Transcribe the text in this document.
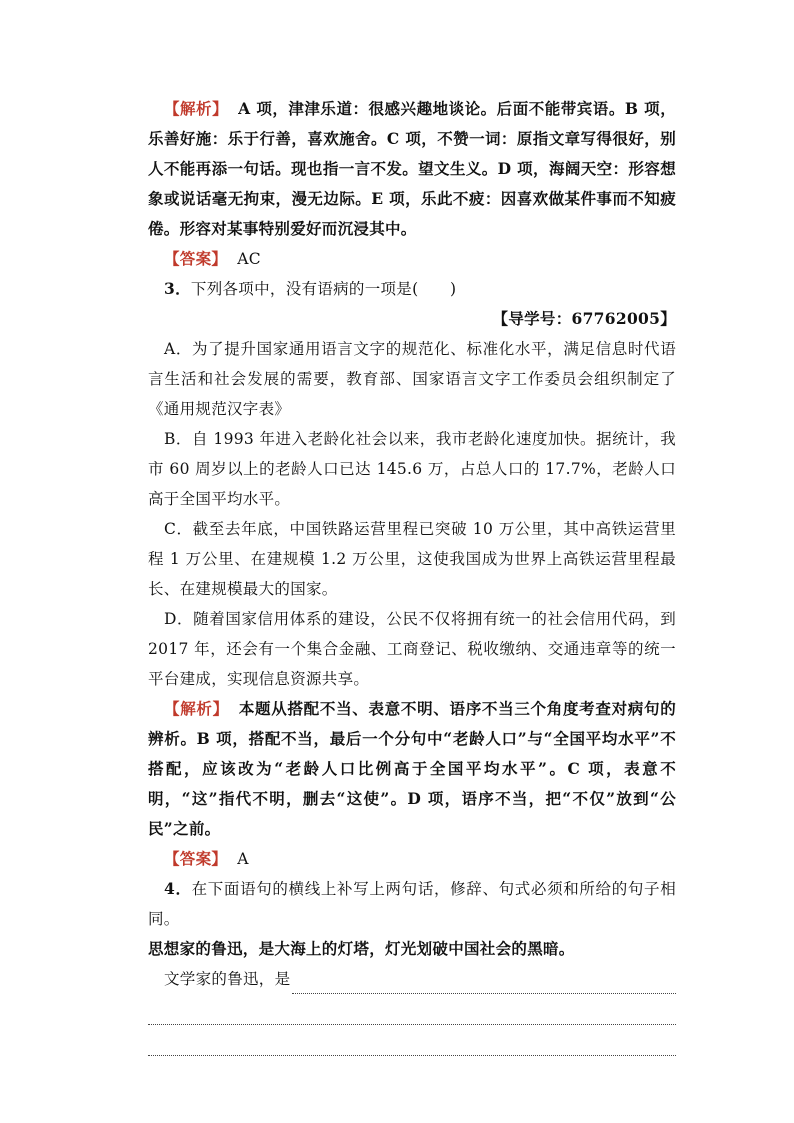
【解析】 A 项，津津乐道：很感兴趣地谈论。后面不能带宾语。B 项，乐善好施：乐于行善，喜欢施舍。C 项，不赞一词：原指文章写得很好，别人不能再添一句话。现也指一言不发。望文生义。D 项，海阔天空：形容想象或说话毫无拘束，漫无边际。E 项，乐此不疲：因喜欢做某件事而不知疲倦。形容对某事特别爱好而沉浸其中。

【答案】 AC

3．下列各项中，没有语病的一项是(　　)

【导学号：67762005】

A．为了提升国家通用语言文字的规范化、标准化水平，满足信息时代语言生活和社会发展的需要，教育部、国家语言文字工作委员会组织制定了《通用规范汉字表》

B．自 1993 年进入老龄化社会以来，我市老龄化速度加快。据统计，我市 60 周岁以上的老龄人口已达 145.6 万，占总人口的 17.7%，老龄人口高于全国平均水平。

C．截至去年底，中国铁路运营里程已突破 10 万公里，其中高铁运营里程 1 万公里、在建规模 1.2 万公里，这使我国成为世界上高铁运营里程最长、在建规模最大的国家。

D．随着国家信用体系的建设，公民不仅将拥有统一的社会信用代码，到 2017 年，还会有一个集合金融、工商登记、税收缴纳、交通违章等的统一平台建成，实现信息资源共享。

【解析】 本题从搭配不当、表意不明、语序不当三个角度考查对病句的辨析。B 项，搭配不当，最后一个分句中“老龄人口”与“全国平均水平”不搭配，应该改为“老龄人口比例高于全国平均水平”。C 项，表意不明，“这”指代不明，删去“这使”。D 项，语序不当，把“不仅”放到“公民”之前。

【答案】 A

4．在下面语句的横线上补写上两句话，修辞、句式必须和所给的句子相同。

思想家的鲁迅，是大海上的灯塔，灯光划破中国社会的黑暗。

文学家的鲁迅，是
